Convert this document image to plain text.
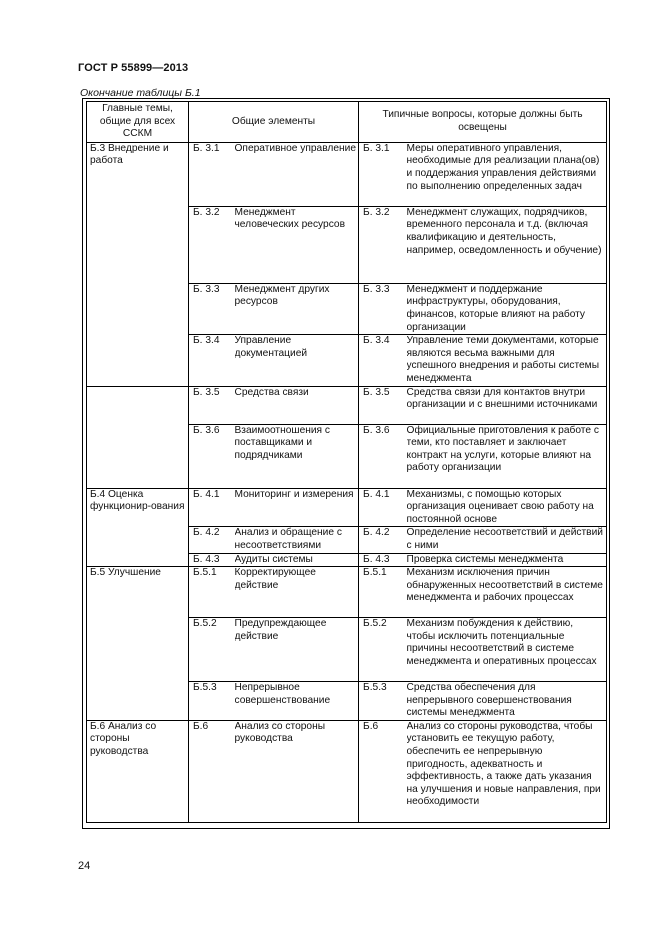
ГОСТ Р 55899—2013
Окончание таблицы Б.1
Главные темы, общие для всех ССКМ	Общие элементы		Типичные вопросы, которые должны быть освещены	
Б.3 Внедрение и работа	Б. 3.1	Оперативное управление	Б. 3.1	Меры оперативного управления, необходимые для реализации плана(ов) и поддержания управления действиями по выполнению определенных задач
	Б. 3.2	Менеджмент человеческих ресурсов	Б. 3.2	Менеджмент служащих, подрядчиков, временного персонала и т.д. (включая квалификацию и деятельность, например, осведомленность и обучение)
	Б. 3.3	Менеджмент других ресурсов	Б. 3.3	Менеджмент и поддержание инфраструктуры, оборудования, финансов, которые влияют на работу организации
	Б. 3.4	Управление документацией	Б. 3.4	Управление теми документами, которые являются весьма важными для успешного внедрения и работы системы менеджмента
	Б. 3.5	Средства связи	Б. 3.5	Средства связи для контактов внутри организации и с внешними источниками
	Б. 3.6	Взаимоотношения с поставщиками и подрядчиками	Б. 3.6	Официальные приготовления к работе с теми, кто поставляет и заключает контракт на услуги, которые влияют на работу организации
Б.4 Оценка функционир-ования	Б. 4.1	Мониторинг и измерения	Б. 4.1	Механизмы, с помощью которых организация оценивает свою работу на постоянной основе
	Б. 4.2	Анализ и обращение с несоответствиями	Б. 4.2	Определение несоответствий и действий с ними
	Б. 4.3	Аудиты системы	Б. 4.3	Проверка системы менеджмента
Б.5 Улучшение	Б.5.1	Корректирующее действие	Б.5.1	Механизм исключения причин обнаруженных несоответствий в системе менеджмента и рабочих процессах
	Б.5.2	Предупреждающее действие	Б.5.2	Механизм побуждения к действию, чтобы исключить потенциальные причины несоответствий в системе менеджмента и оперативных процессах
	Б.5.3	Непрерывное совершенствование	Б.5.3	Средства обеспечения для непрерывного совершенствования системы менеджмента
Б.6 Анализ со стороны руководства	Б.6	Анализ со стороны руководства	Б.6	Анализ со стороны руководства, чтобы установить ее текущую работу, обеспечить ее непрерывную пригодность, адекватность и эффективность, а также дать указания на улучшения и новые направления, при необходимости
24
